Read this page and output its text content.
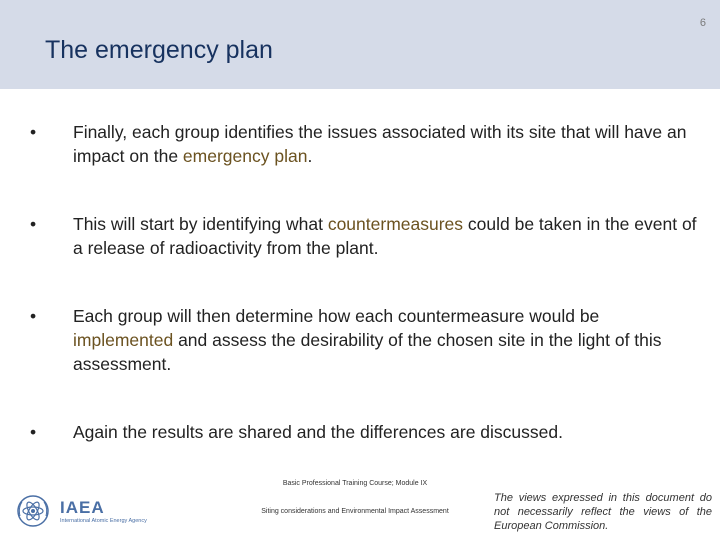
6
The emergency plan
•	Finally, each group identifies the issues associated with its site that will have an impact on the emergency plan.
•	This will start by identifying what countermeasures could be taken in the event of a release of radioactivity from the plant.
•	Each group will then determine how each countermeasure would be implemented and assess the desirability of the chosen site in the light of this assessment.
•	Again the results are shared and the differences are discussed.
IAEA
International Atomic Energy Agency
Basic Professional Training Course; Module IX
Siting considerations and Environmental Impact Assessment
The views expressed in this document do not necessarily reflect the views of the European Commission.
